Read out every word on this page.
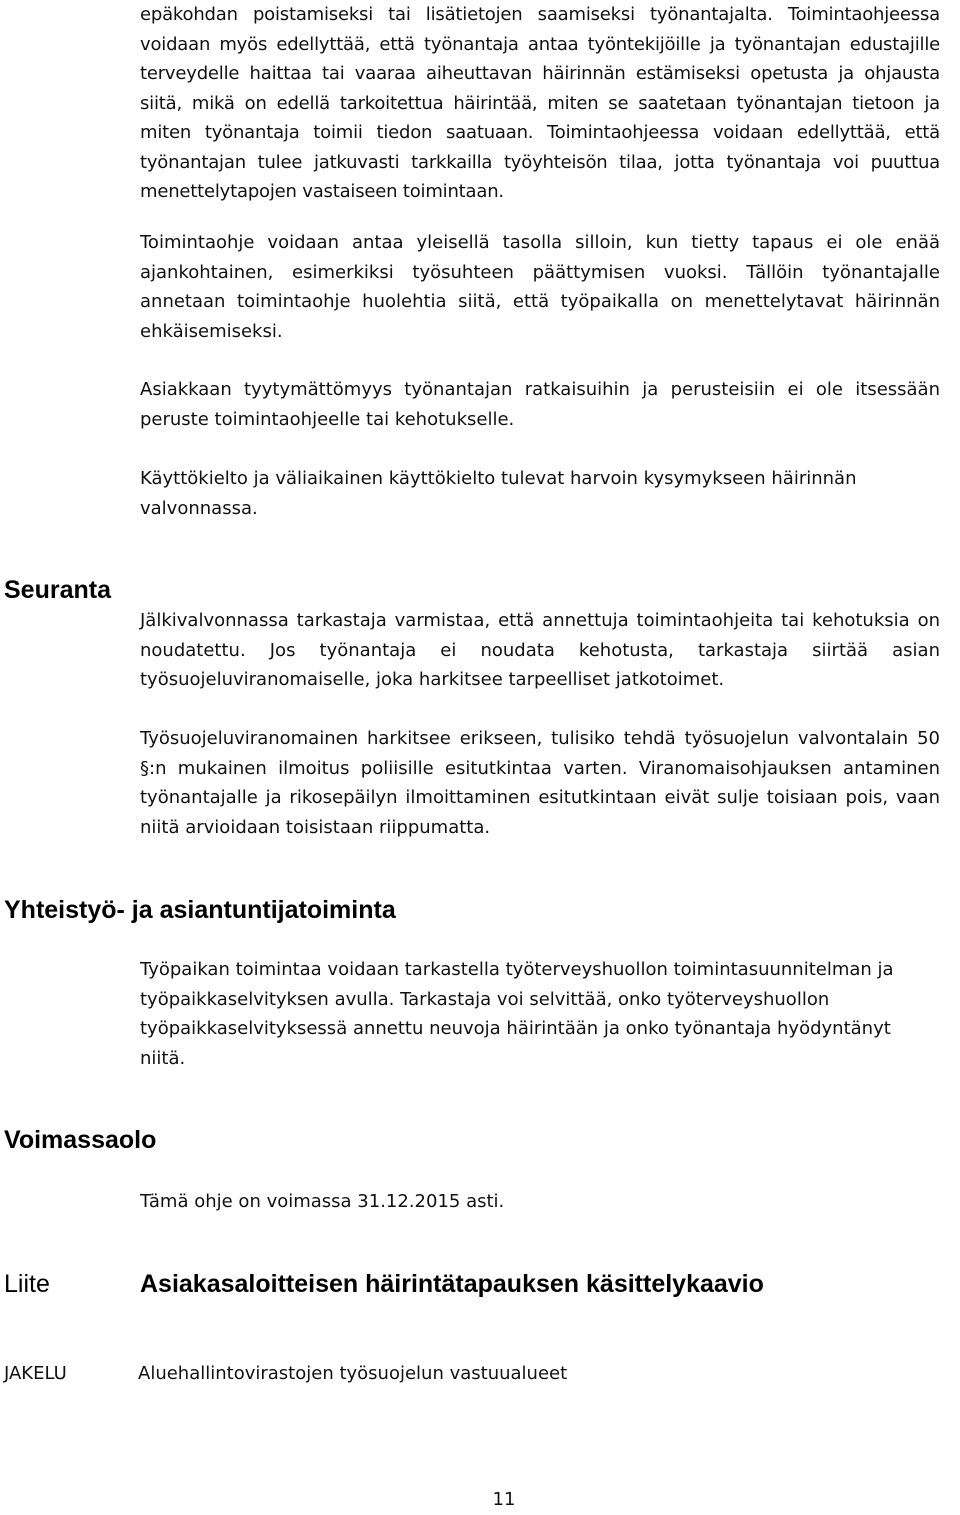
epäkohdan poistamiseksi tai lisätietojen saamiseksi työnantajalta. Toimintaohjeessa voidaan myös edellyttää, että työnantaja antaa työntekijöille ja työnantajan edustajille terveydelle haittaa tai vaaraa aiheuttavan häirinnän estämiseksi opetusta ja ohjausta siitä, mikä on edellä tarkoitettua häirintää, miten se saatetaan työnantajan tietoon ja miten työnantaja toimii tiedon saatuaan. Toimintaohjeessa voidaan edellyttää, että työnantajan tulee jatkuvasti tarkkailla työyhteisön tilaa, jotta työnantaja voi puuttua menettelytapojen vastaiseen toimintaan.

Toimintaohje voidaan antaa yleisellä tasolla silloin, kun tietty tapaus ei ole enää ajankohtainen, esimerkiksi työsuhteen päättymisen vuoksi. Tällöin työnantajalle annetaan toimintaohje huolehtia siitä, että työpaikalla on menettelytavat häirinnän ehkäisemiseksi.

Asiakkaan tyytymättömyys työnantajan ratkaisuihin ja perusteisiin ei ole itsessään peruste toimintaohjeelle tai kehotukselle.

Käyttökielto ja väliaikainen käyttökielto tulevat harvoin kysymykseen häirinnän valvonnassa.

Seuranta

Jälkivalvonnassa tarkastaja varmistaa, että annettuja toimintaohjeita tai kehotuksia on noudatettu. Jos työnantaja ei noudata kehotusta, tarkastaja siirtää asian työsuojeluviranomaiselle, joka harkitsee tarpeelliset jatkotoimet.

Työsuojeluviranomainen harkitsee erikseen, tulisiko tehdä työsuojelun valvontalain 50 §:n mukainen ilmoitus poliisille esitutkintaa varten. Viranomaisohjauksen antaminen työnantajalle ja rikosepäilyn ilmoittaminen esitutkintaan eivät sulje toisiaan pois, vaan niitä arvioidaan toisistaan riippumatta.

Yhteistyö- ja asiantuntijatoiminta

Työpaikan toimintaa voidaan tarkastella työterveyshuollon toimintasuunnitelman ja työpaikkaselvityksen avulla. Tarkastaja voi selvittää, onko työterveyshuollon työpaikkaselvityksessä annettu neuvoja häirintään ja onko työnantaja hyödyntänyt niitä.

Voimassaolo

Tämä ohje on voimassa 31.12.2015 asti.

Liite	Asiakasaloitteisen häirintätapauksen käsittelykaavio

JAKELU	Aluehallintovirastojen työsuojelun vastuualueet

11
